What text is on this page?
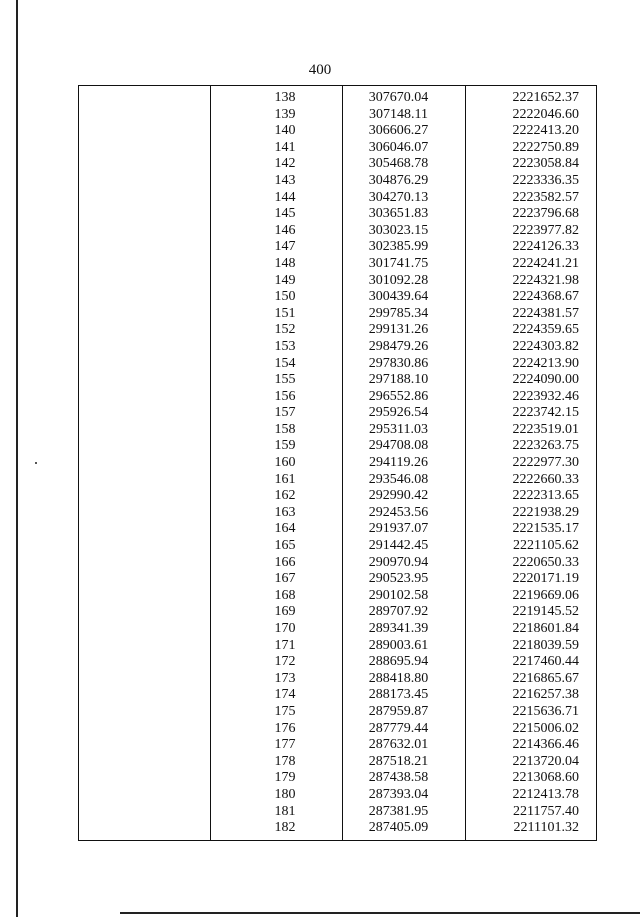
400
138	307670.04	2221652.37
139	307148.11	2222046.60
140	306606.27	2222413.20
141	306046.07	2222750.89
142	305468.78	2223058.84
143	304876.29	2223336.35
144	304270.13	2223582.57
145	303651.83	2223796.68
146	303023.15	2223977.82
147	302385.99	2224126.33
148	301741.75	2224241.21
149	301092.28	2224321.98
150	300439.64	2224368.67
151	299785.34	2224381.57
152	299131.26	2224359.65
153	298479.26	2224303.82
154	297830.86	2224213.90
155	297188.10	2224090.00
156	296552.86	2223932.46
157	295926.54	2223742.15
158	295311.03	2223519.01
159	294708.08	2223263.75
160	294119.26	2222977.30
161	293546.08	2222660.33
162	292990.42	2222313.65
163	292453.56	2221938.29
164	291937.07	2221535.17
165	291442.45	2221105.62
166	290970.94	2220650.33
167	290523.95	2220171.19
168	290102.58	2219669.06
169	289707.92	2219145.52
170	289341.39	2218601.84
171	289003.61	2218039.59
172	288695.94	2217460.44
173	288418.80	2216865.67
174	288173.45	2216257.38
175	287959.87	2215636.71
176	287779.44	2215006.02
177	287632.01	2214366.46
178	287518.21	2213720.04
179	287438.58	2213068.60
180	287393.04	2212413.78
181	287381.95	2211757.40
182	287405.09	2211101.32
